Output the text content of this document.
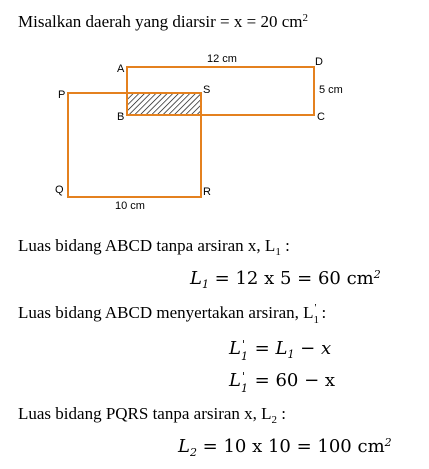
Misalkan daerah yang diarsir = x = 20 $cm^2$
A
B	C
D
P
Q	R
S
12 cm
5 cm
10 cm
Luas bidang ABCD tanpa arsiran x, $L_1$ :
$L_1 = 12$ x 5 = 60 $cm^2$
Luas bidang ABCD menyertakan arsiran, L '
1 :
L '
$1 = L_1 - x$
L '
1 = 60 − x
Luas bidang PQRS tanpa arsiran x, $L_2$ :
$L_2 = 10$ x 10 = 100 $cm^2$
